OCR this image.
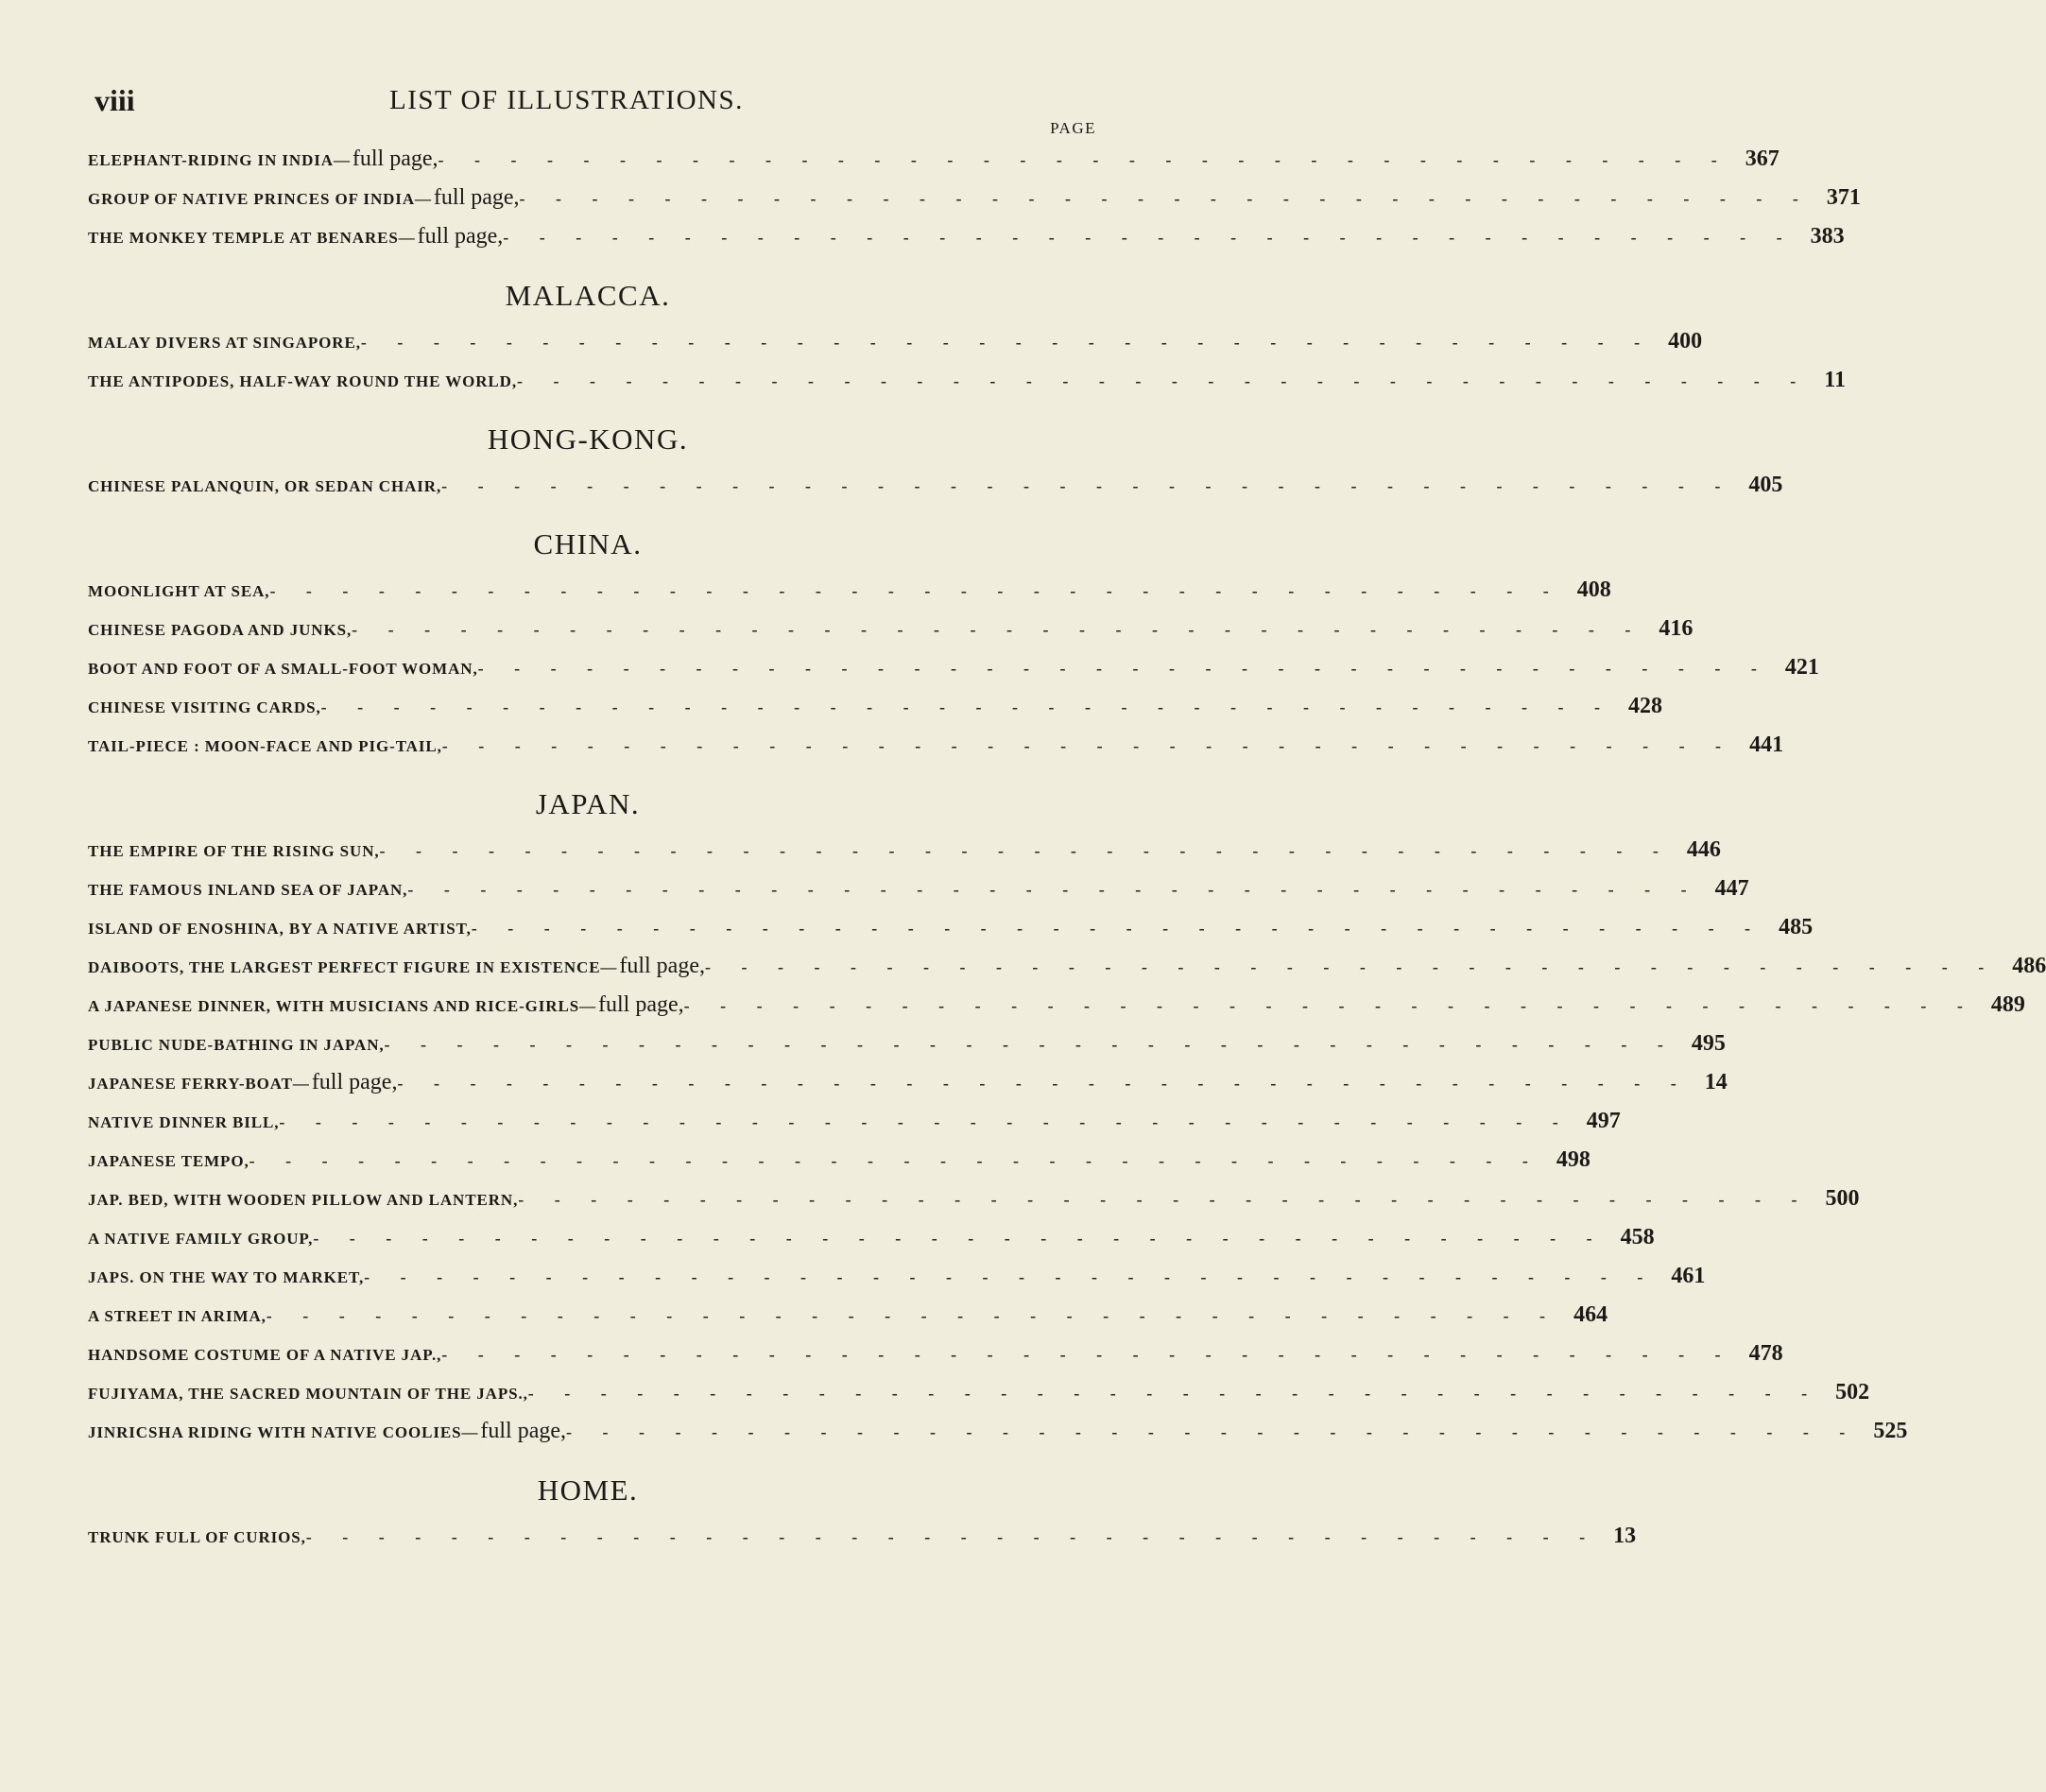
viii	LIST OF ILLUSTRATIONS.
PAGE
ELEPHANT-RIDING IN INDIA— full page, - - - - - - - - - - - - - - - - - - - - - - - - - - - - - - - - - - - - 367
GROUP OF NATIVE PRINCES OF INDIA— full page, - - - - - - - - - - - - - - - - - - - - - - - - - - - - - - - - - - - - 371
THE MONKEY TEMPLE AT BENARES— full page, - - - - - - - - - - - - - - - - - - - - - - - - - - - - - - - - - - - - 383
MALACCA.
MALAY DIVERS AT SINGAPORE, - - - - - - - - - - - - - - - - - - - - - - - - - - - - - - - - - - - - 400
THE ANTIPODES, HALF-WAY ROUND THE WORLD, - - - - - - - - - - - - - - - - - - - - - - - - - - - - - - - - - - - - 11
HONG-KONG.
CHINESE PALANQUIN, OR SEDAN CHAIR, - - - - - - - - - - - - - - - - - - - - - - - - - - - - - - - - - - - - 405
CHINA.
MOONLIGHT AT SEA, - - - - - - - - - - - - - - - - - - - - - - - - - - - - - - - - - - - - 408
CHINESE PAGODA AND JUNKS, - - - - - - - - - - - - - - - - - - - - - - - - - - - - - - - - - - - - 416
BOOT AND FOOT OF A SMALL-FOOT WOMAN, - - - - - - - - - - - - - - - - - - - - - - - - - - - - - - - - - - - - 421
CHINESE VISITING CARDS, - - - - - - - - - - - - - - - - - - - - - - - - - - - - - - - - - - - - 428
TAIL-PIECE : MOON-FACE AND PIG-TAIL, - - - - - - - - - - - - - - - - - - - - - - - - - - - - - - - - - - - - 441
JAPAN.
THE EMPIRE OF THE RISING SUN, - - - - - - - - - - - - - - - - - - - - - - - - - - - - - - - - - - - - 446
THE FAMOUS INLAND SEA OF JAPAN, - - - - - - - - - - - - - - - - - - - - - - - - - - - - - - - - - - - - 447
ISLAND OF ENOSHINA, BY A NATIVE ARTIST, - - - - - - - - - - - - - - - - - - - - - - - - - - - - - - - - - - - - 485
DAIBOOTS, THE LARGEST PERFECT FIGURE IN EXISTENCE— full page, - - - - - - - - - - - - - - - - - - - - - - - - - - - - - - - - - - - - 486
A JAPANESE DINNER, WITH MUSICIANS AND RICE-GIRLS— full page, - - - - - - - - - - - - - - - - - - - - - - - - - - - - - - - - - - - - 489
PUBLIC NUDE-BATHING IN JAPAN, - - - - - - - - - - - - - - - - - - - - - - - - - - - - - - - - - - - - 495
JAPANESE FERRY-BOAT— full page, - - - - - - - - - - - - - - - - - - - - - - - - - - - - - - - - - - - - 14
NATIVE DINNER BILL, - - - - - - - - - - - - - - - - - - - - - - - - - - - - - - - - - - - - 497
JAPANESE TEMPO, - - - - - - - - - - - - - - - - - - - - - - - - - - - - - - - - - - - - 498
JAP. BED, WITH WOODEN PILLOW AND LANTERN, - - - - - - - - - - - - - - - - - - - - - - - - - - - - - - - - - - - - 500
A NATIVE FAMILY GROUP, - - - - - - - - - - - - - - - - - - - - - - - - - - - - - - - - - - - - 458
JAPS. ON THE WAY TO MARKET, - - - - - - - - - - - - - - - - - - - - - - - - - - - - - - - - - - - - 461
A STREET IN ARIMA, - - - - - - - - - - - - - - - - - - - - - - - - - - - - - - - - - - - - 464
HANDSOME COSTUME OF A NATIVE JAP., - - - - - - - - - - - - - - - - - - - - - - - - - - - - - - - - - - - - 478
FUJIYAMA, THE SACRED MOUNTAIN OF THE JAPS., - - - - - - - - - - - - - - - - - - - - - - - - - - - - - - - - - - - - 502
JINRICSHA RIDING WITH NATIVE COOLIES— full page, - - - - - - - - - - - - - - - - - - - - - - - - - - - - - - - - - - - - 525
HOME.
TRUNK FULL OF CURIOS, - - - - - - - - - - - - - - - - - - - - - - - - - - - - - - - - - - - - 13
